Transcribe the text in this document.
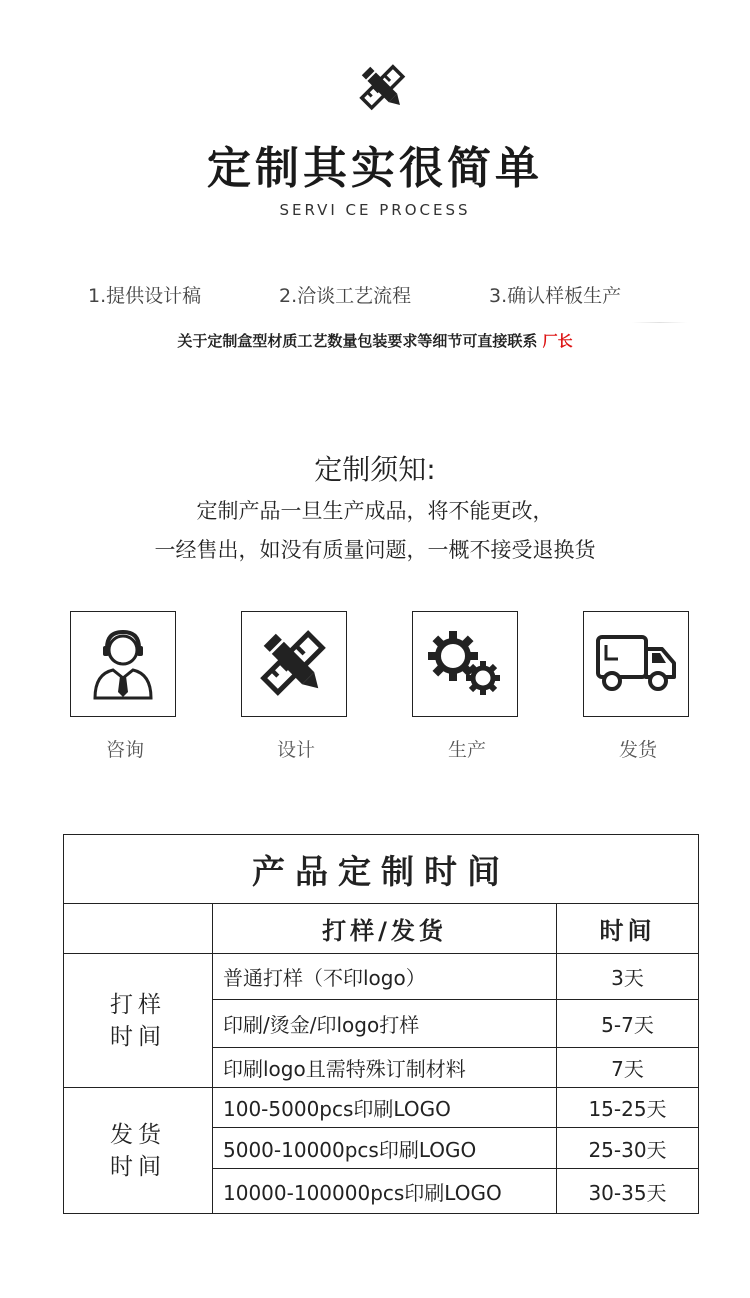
定制其实很简单
SERVI CE PROCESS
1.提供设计稿	2.洽谈工艺流程	3.确认样板生产
关于定制盒型材质工艺数量包装要求等细节可直接联系 厂长
定制须知:
定制产品一旦生产成品，将不能更改，
一经售出，如没有质量问题，一概不接受退换货
咨询	设计	生产	发货
产品定制时间		
	打样/发货	时间

打样
时间	普通打样（不印logo）	3天
	印刷/烫金/印logo打样	5-7天
	印刷logo且需特殊订制材料	7天

发货
时间	100-5000pcs印刷LOGO	15-25天
	5000-10000pcs印刷LOGO	25-30天
	10000-100000pcs印刷LOGO	30-35天
